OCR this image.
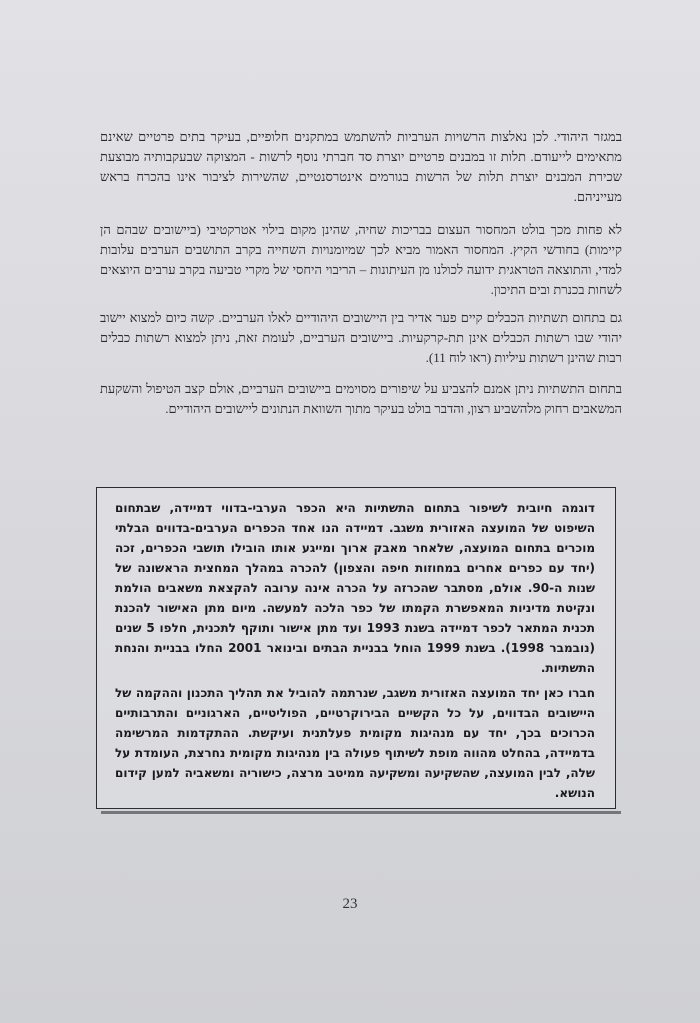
במגזר היהודי. לכן נאלצות הרשויות הערביות להשתמש במתקנים חלופיים, בעיקר בתים פרטיים שאינם מתאימים לייעודם. תלות זו במבנים פרטיים יוצרת סד חברתי נוסף לרשות - המצוקה שבעקבותיה מבוצעת שכירת המבנים יוצרת תלות של הרשות בגורמים אינטרסנטיים, שהשירות לציבור אינו בהכרח בראש מעייניהם.

לא פחות מכך בולט המחסור העצום בבריכות שחיה, שהינן מקום בילוי אטרקטיבי (ביישובים שבהם הן קיימות) בחודשי הקיץ. המחסור האמור מביא לכך שמיומנויות השחייה בקרב התושבים הערבים עלובות למדי, והתוצאה הטראגית ידועה לכולנו מן העיתונות – הריבוי היחסי של מקרי טביעה בקרב ערבים היוצאים לשחות בכנרת ובים התיכון.

גם בתחום תשתיות הכבלים קיים פער אדיר בין היישובים היהודיים לאלו הערביים. קשה כיום למצוא יישוב יהודי שבו רשתות הכבלים אינן תת-קרקעיות. ביישובים הערביים, לעומת זאת, ניתן למצוא רשתות כבלים רבות שהינן רשתות עיליות (ראו לוח 11).

בתחום התשתיות ניתן אמנם להצביע על שיפורים מסוימים ביישובים הערביים, אולם קצב הטיפול והשקעת המשאבים רחוק מלהשביע רצון, והדבר בולט בעיקר מתוך השוואת הנתונים ליישובים היהודיים.

דוגמה חיובית לשיפור בתחום התשתיות היא הכפר הערבי-בדווי דמיידה, שבתחום השיפוט של המועצה האזורית משגב. דמיידה הנו אחד הכפרים הערבים-בדווים הבלתי מוכרים בתחום המועצה, שלאחר מאבק ארוך ומייגע אותו הובילו תושבי הכפרים, זכה (יחד עם כפרים אחרים במחוזות חיפה והצפון) להכרה במהלך המחצית הראשונה של שנות ה-90. אולם, מסתבר שהכרזה על הכרה אינה ערובה להקצאת משאבים הולמת ונקיטת מדיניות המאפשרת הקמתו של כפר הלכה למעשה. מיום מתן האישור להכנת תכנית המתאר לכפר דמיידה בשנת 1993 ועד מתן אישור ותוקף לתכנית, חלפו 5 שנים (נובמבר 1998). בשנת 1999 הוחל בבניית הבתים ובינואר 2001 החלו בבניית והנחת התשתיות.

חברו כאן יחד המועצה האזורית משגב, שנרתמה להוביל את תהליך התכנון וההקמה של היישובים הבדווים, על כל הקשיים הבירוקרטיים, הפוליטיים, הארגוניים והתרבותיים הכרוכים בכך, יחד עם מנהיגות מקומית פעלתנית ועיקשת. ההתקדמות המרשימה בדמיידה, בהחלט מהווה מופת לשיתוף פעולה בין מנהיגות מקומית נחרצת, העומדת על שלה, לבין המועצה, שהשקיעה ומשקיעה ממיטב מרצה, כישוריה ומשאביה למען קידום הנושא.

23
